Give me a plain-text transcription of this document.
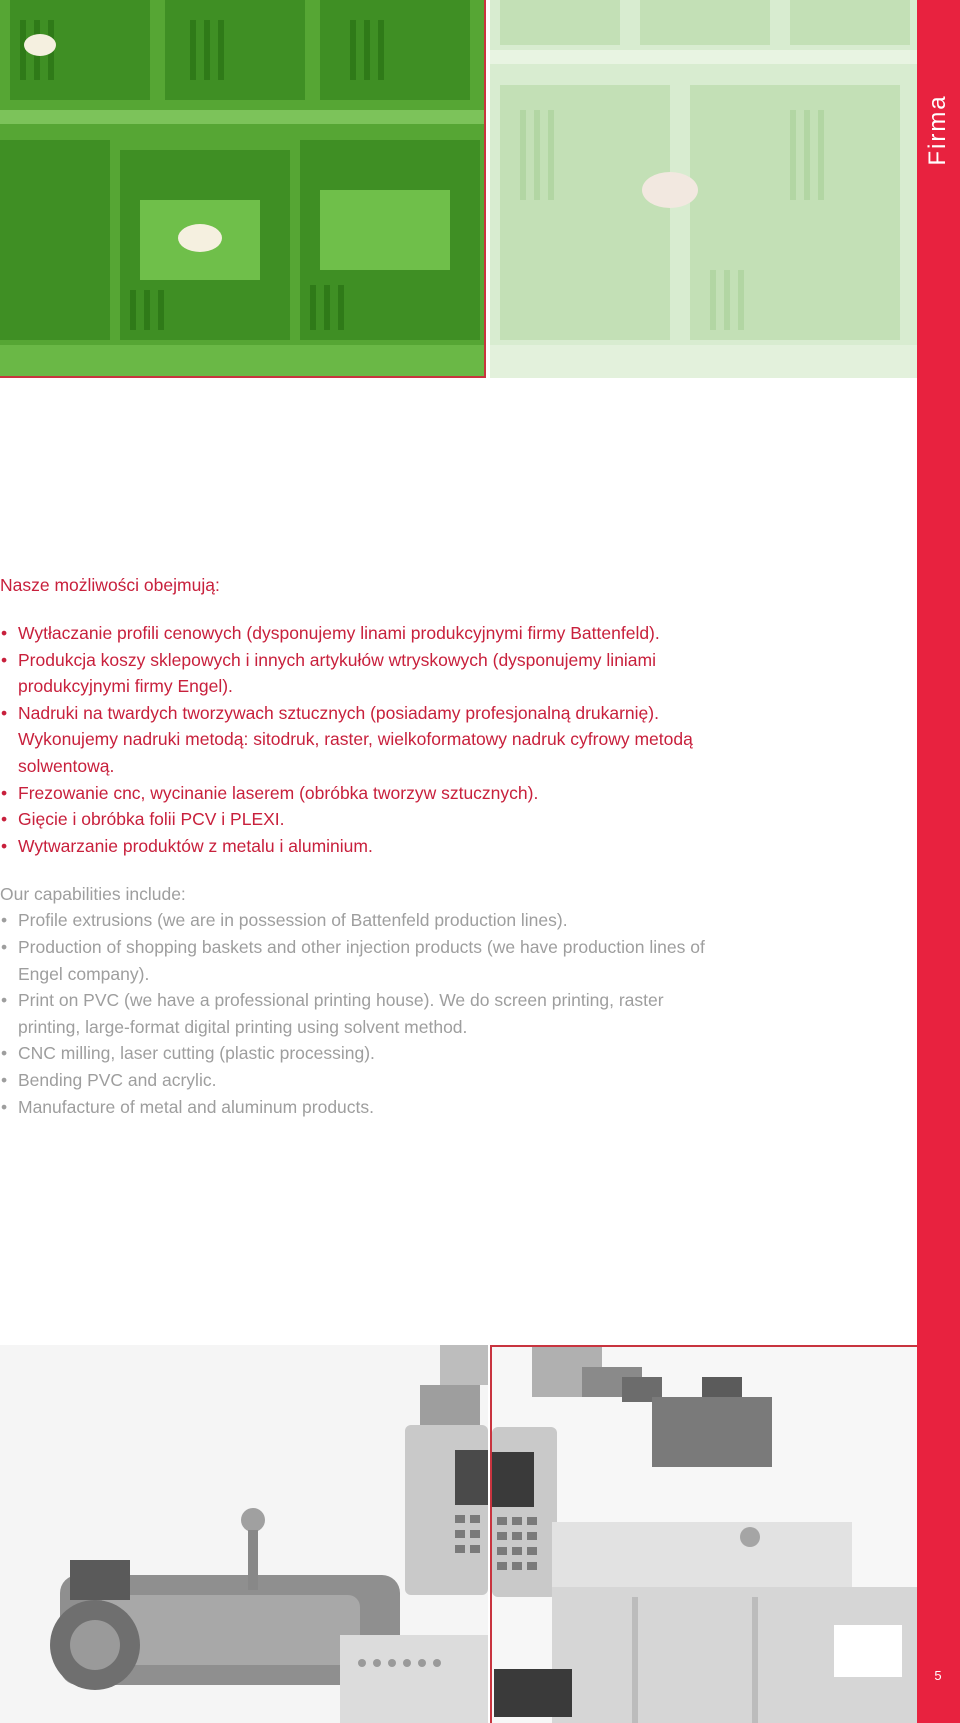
Firma
5
Nasze możliwości obejmują:
• Wytłaczanie profili cenowych (dysponujemy linami produkcyjnymi firmy Battenfeld).
• Produkcja koszy sklepowych i innych artykułów wtryskowych (dysponujemy liniami produkcyjnymi firmy Engel).
• Nadruki na twardych tworzywach sztucznych (posiadamy profesjonalną drukarnię). Wykonujemy nadruki metodą: sitodruk, raster, wielkoformatowy nadruk cyfrowy metodą solwentową.
• Frezowanie cnc, wycinanie laserem (obróbka tworzyw sztucznych).
• Gięcie i obróbka folii PCV i PLEXI.
• Wytwarzanie produktów z metalu i aluminium.
Our capabilities include:
• Profile extrusions (we are in possession of Battenfeld production lines).
• Production of shopping baskets and other injection products (we have production lines of Engel company).
• Print on PVC (we have a professional printing house). We do screen printing, raster printing, large-format digital printing using solvent method.
• CNC milling, laser cutting (plastic processing).
• Bending PVC and acrylic.
• Manufacture of metal and aluminum products.
